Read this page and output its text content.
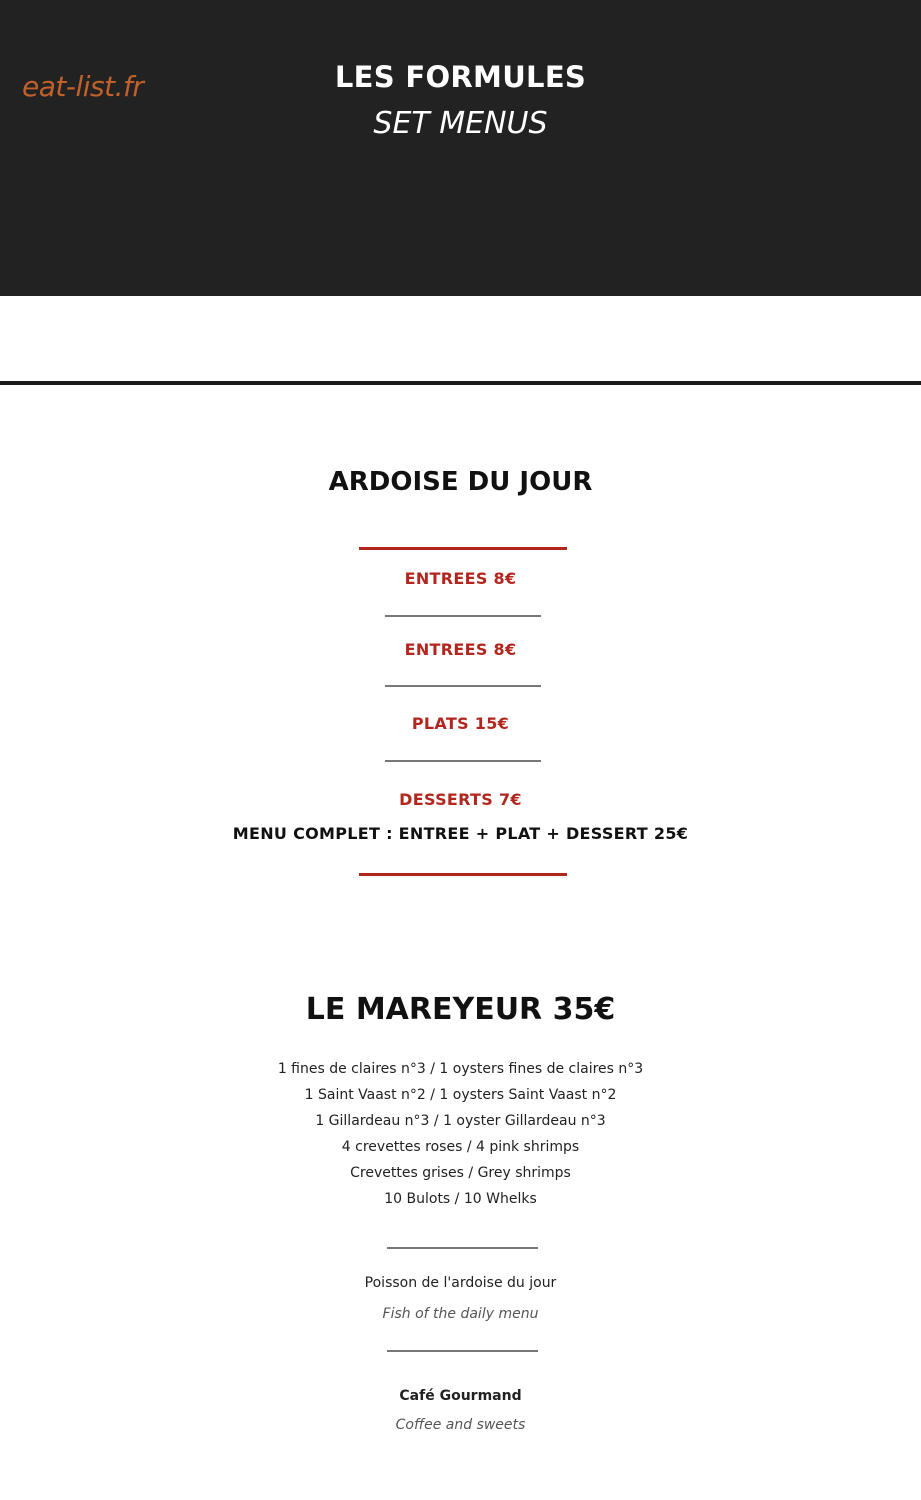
eat-list.fr	LES FORMULES
SET MENUS
ARDOISE DU JOUR
ENTREES 8€
ENTREES 8€
PLATS 15€
DESSERTS 7€
MENU COMPLET : ENTREE + PLAT + DESSERT 25€
LE MAREYEUR 35€
1 fines de claires n°3 / 1 oysters fines de claires n°3
1 Saint Vaast n°2 / 1 oysters Saint Vaast n°2
1 Gillardeau n°3 / 1 oyster Gillardeau n°3
4 crevettes roses / 4 pink shrimps
Crevettes grises / Grey shrimps
10 Bulots / 10 Whelks
Poisson de l'ardoise du jour
Fish of the daily menu
Café Gourmand
Coffee and sweets
